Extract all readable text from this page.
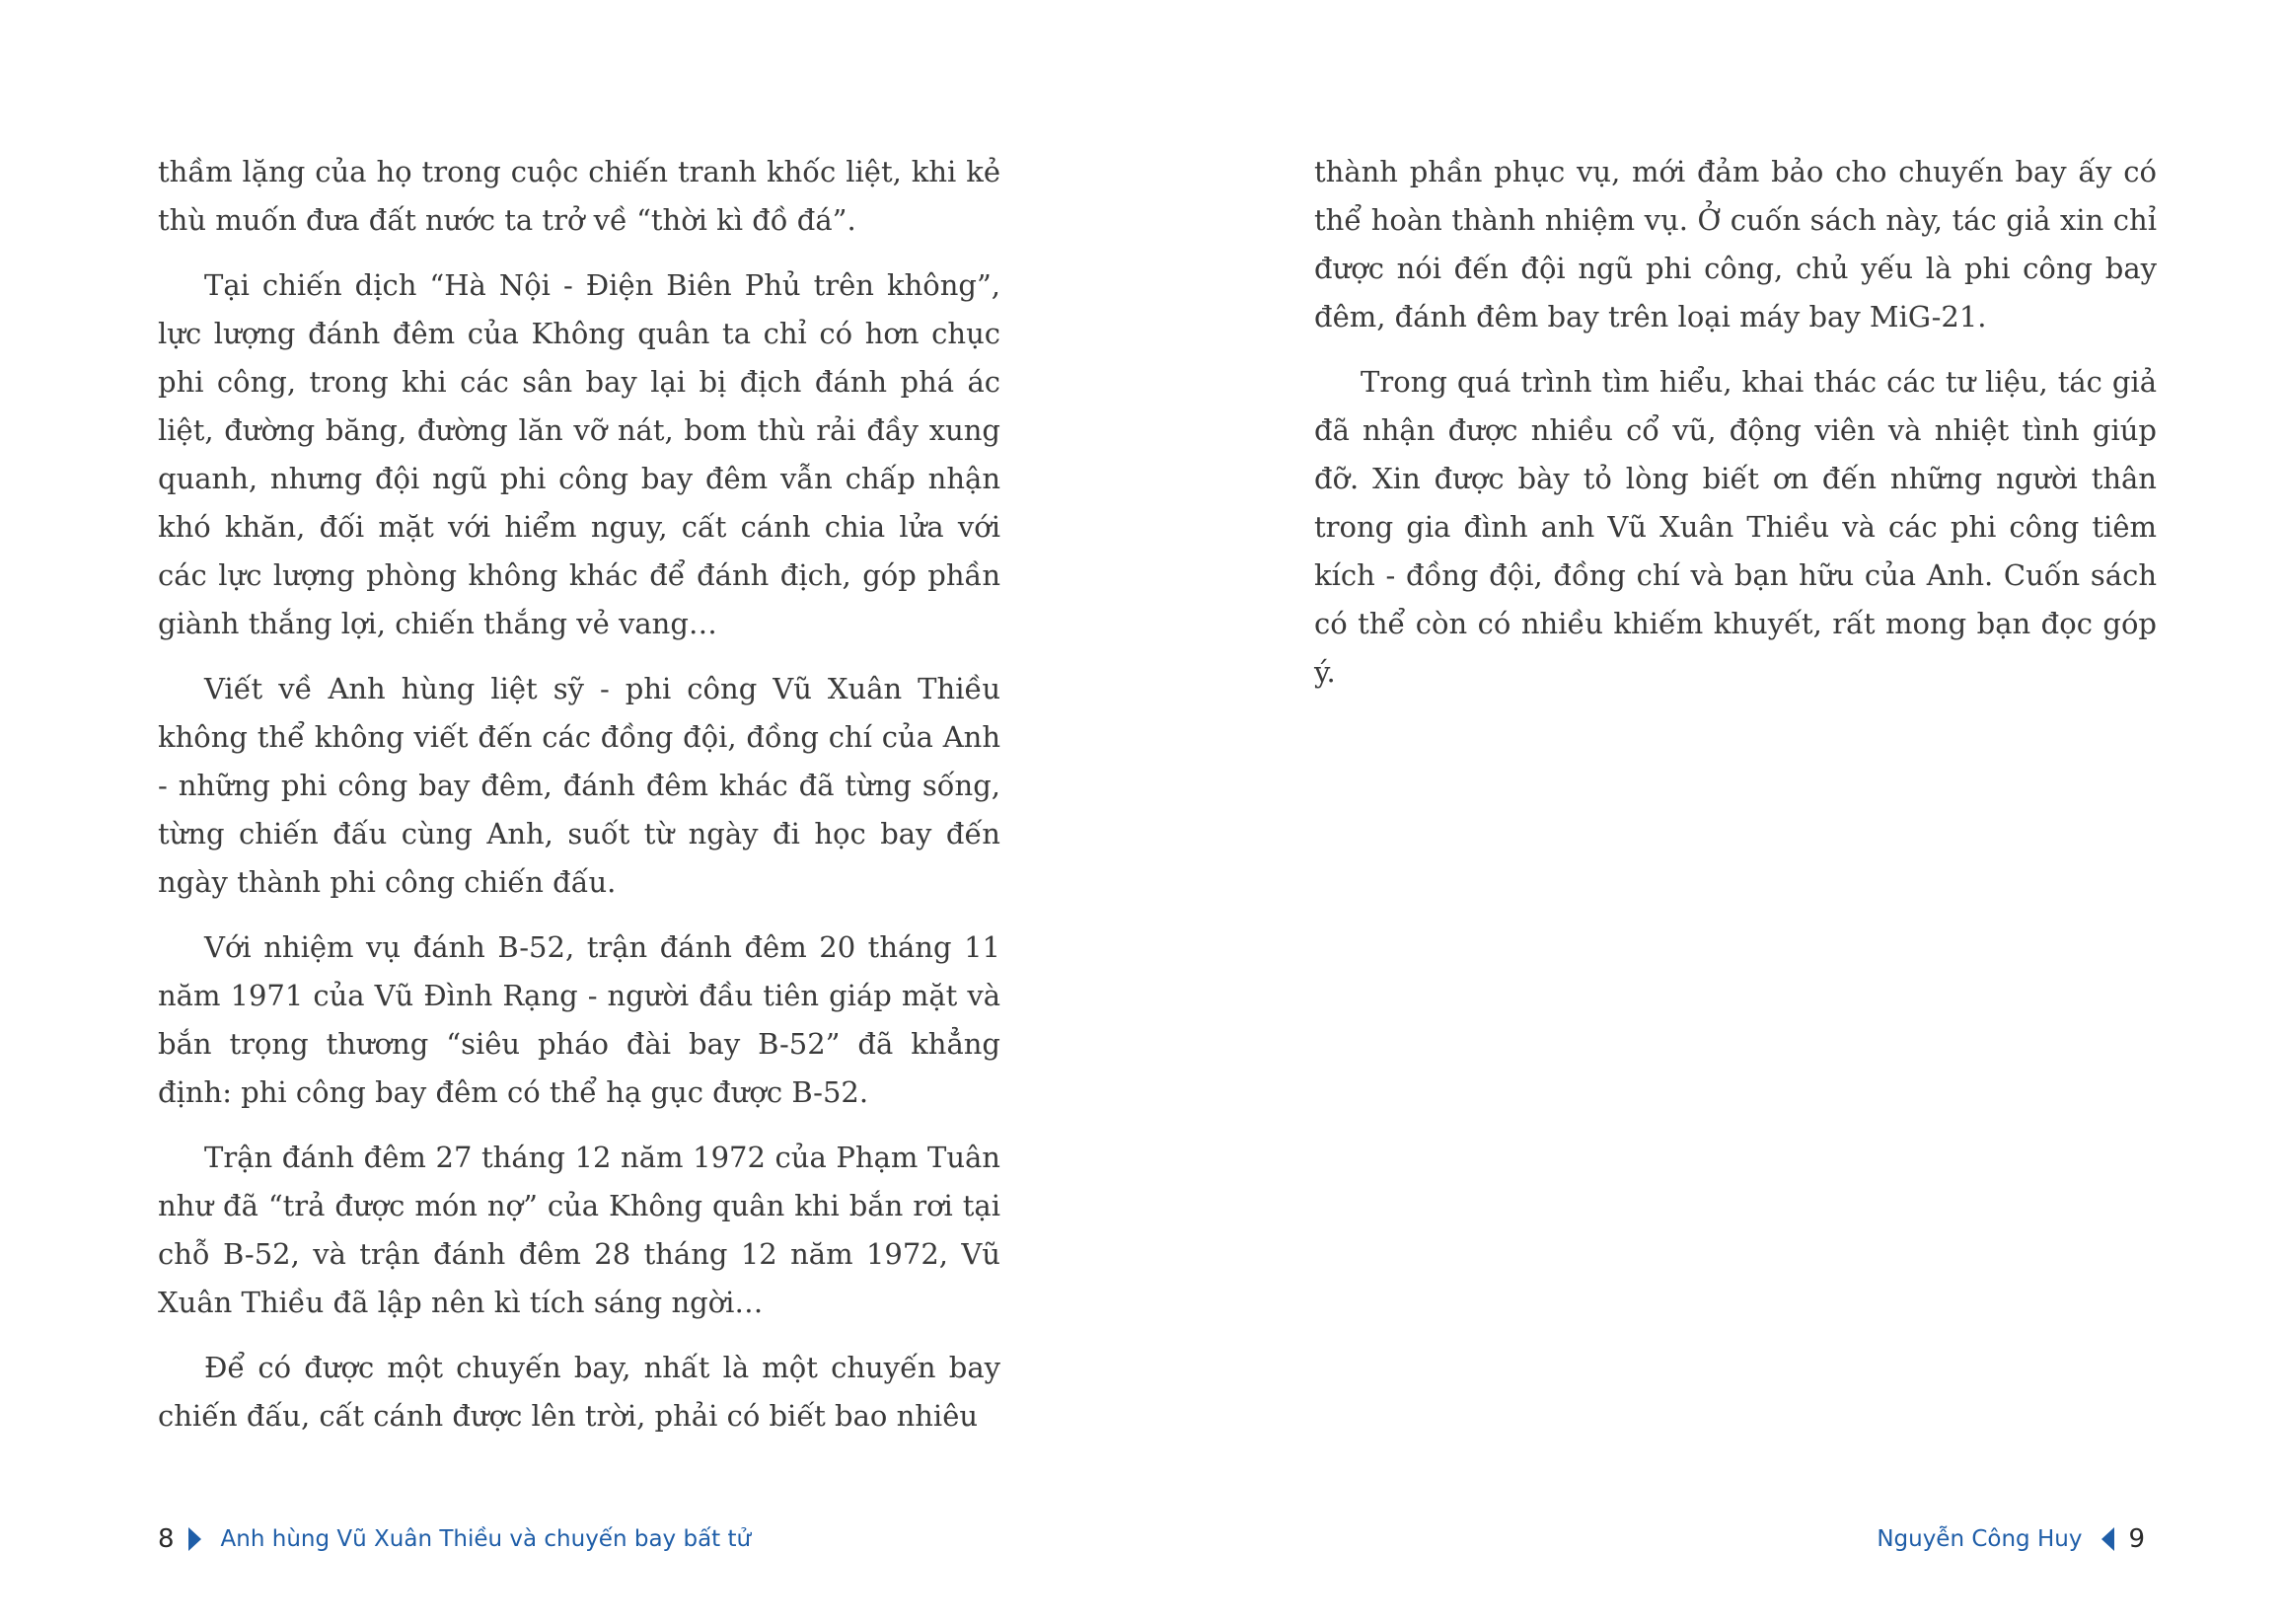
thầm lặng của họ trong cuộc chiến tranh khốc liệt, khi kẻ thù muốn đưa đất nước ta trở về “thời kì đồ đá”.

Tại chiến dịch “Hà Nội - Điện Biên Phủ trên không”, lực lượng đánh đêm của Không quân ta chỉ có hơn chục phi công, trong khi các sân bay lại bị địch đánh phá ác liệt, đường băng, đường lăn vỡ nát, bom thù rải đầy xung quanh, nhưng đội ngũ phi công bay đêm vẫn chấp nhận khó khăn, đối mặt với hiểm nguy, cất cánh chia lửa với các lực lượng phòng không khác để đánh địch, góp phần giành thắng lợi, chiến thắng vẻ vang…

Viết về Anh hùng liệt sỹ - phi công Vũ Xuân Thiều không thể không viết đến các đồng đội, đồng chí của Anh - những phi công bay đêm, đánh đêm khác đã từng sống, từng chiến đấu cùng Anh, suốt từ ngày đi học bay đến ngày thành phi công chiến đấu.

Với nhiệm vụ đánh B-52, trận đánh đêm 20 tháng 11 năm 1971 của Vũ Đình Rạng - người đầu tiên giáp mặt và bắn trọng thương “siêu pháo đài bay B-52” đã khẳng định: phi công bay đêm có thể hạ gục được B-52.

Trận đánh đêm 27 tháng 12 năm 1972 của Phạm Tuân như đã “trả được món nợ” của Không quân khi bắn rơi tại chỗ B-52, và trận đánh đêm 28 tháng 12 năm 1972, Vũ Xuân Thiều đã lập nên kì tích sáng ngời…

Để có được một chuyến bay, nhất là một chuyến bay chiến đấu, cất cánh được lên trời, phải có biết bao nhiêu

8 Anh hùng Vũ Xuân Thiều và chuyến bay bất tử

thành phần phục vụ, mới đảm bảo cho chuyến bay ấy có thể hoàn thành nhiệm vụ. Ở cuốn sách này, tác giả xin chỉ được nói đến đội ngũ phi công, chủ yếu là phi công bay đêm, đánh đêm bay trên loại máy bay MiG-21.

Trong quá trình tìm hiểu, khai thác các tư liệu, tác giả đã nhận được nhiều cổ vũ, động viên và nhiệt tình giúp đỡ. Xin được bày tỏ lòng biết ơn đến những người thân trong gia đình anh Vũ Xuân Thiều và các phi công tiêm kích - đồng đội, đồng chí và bạn hữu của Anh. Cuốn sách có thể còn có nhiều khiếm khuyết, rất mong bạn đọc góp ý.

Nguyễn Công Huy 9
